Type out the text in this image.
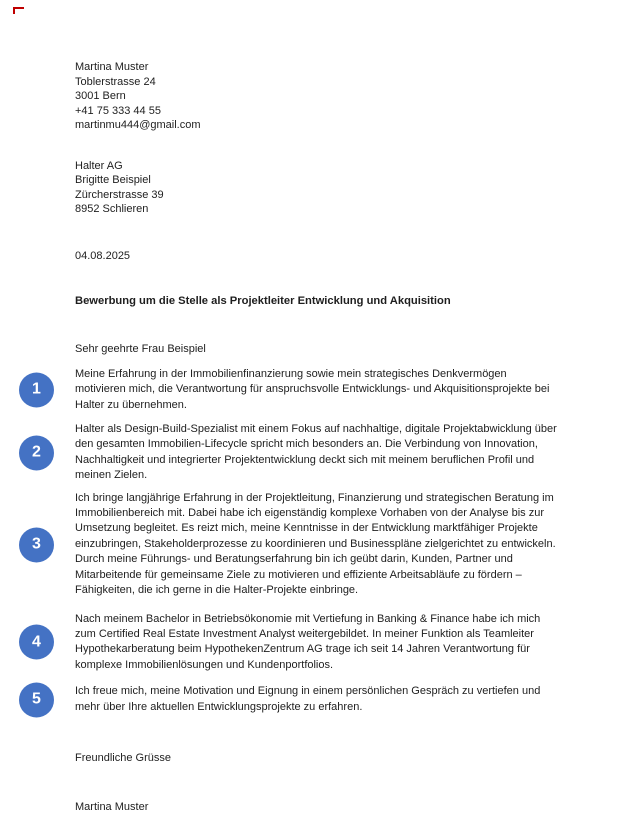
Martina Muster
Toblerstrasse 24
3001 Bern
+41 75 333 44 55
martinmu444@gmail.com
Halter AG
Brigitte Beispiel
Zürcherstrasse 39
8952 Schlieren
04.08.2025
Bewerbung um die Stelle als Projektleiter Entwicklung und Akquisition
Sehr geehrte Frau Beispiel
1

Meine Erfahrung in der Immobilienfinanzierung sowie mein strategisches Denkvermögen motivieren mich, die Verantwortung für anspruchsvolle Entwicklungs- und Akquisitionsprojekte bei Halter zu übernehmen.

2

Halter als Design-Build-Spezialist mit einem Fokus auf nachhaltige, digitale Projektabwicklung über den gesamten Immobilien-Lifecycle spricht mich besonders an. Die Verbindung von Innovation, Nachhaltigkeit und integrierter Projektentwicklung deckt sich mit meinem beruflichen Profil und meinen Zielen.

3

Ich bringe langjährige Erfahrung in der Projektleitung, Finanzierung und strategischen Beratung im Immobilienbereich mit. Dabei habe ich eigenständig komplexe Vorhaben von der Analyse bis zur Umsetzung begleitet. Es reizt mich, meine Kenntnisse in der Entwicklung marktfähiger Projekte einzubringen, Stakeholderprozesse zu koordinieren und Businesspläne zielgerichtet zu entwickeln. Durch meine Führungs- und Beratungserfahrung bin ich geübt darin, Kunden, Partner und Mitarbeitende für gemeinsame Ziele zu motivieren und effiziente Arbeitsabläufe zu fördern – Fähigkeiten, die ich gerne in die Halter-Projekte einbringe.

4

Nach meinem Bachelor in Betriebsökonomie mit Vertiefung in Banking & Finance habe ich mich zum Certified Real Estate Investment Analyst weitergebildet. In meiner Funktion als Teamleiter Hypothekarberatung beim HypothekenZentrum AG trage ich seit 14 Jahren Verantwortung für komplexe Immobilienlösungen und Kundenportfolios.

5	Ich freue mich, meine Motivation und Eignung in einem persönlichen Gespräch zu vertiefen und mehr über Ihre aktuellen Entwicklungsprojekte zu erfahren.

Freundliche Grüsse
Martina Muster
